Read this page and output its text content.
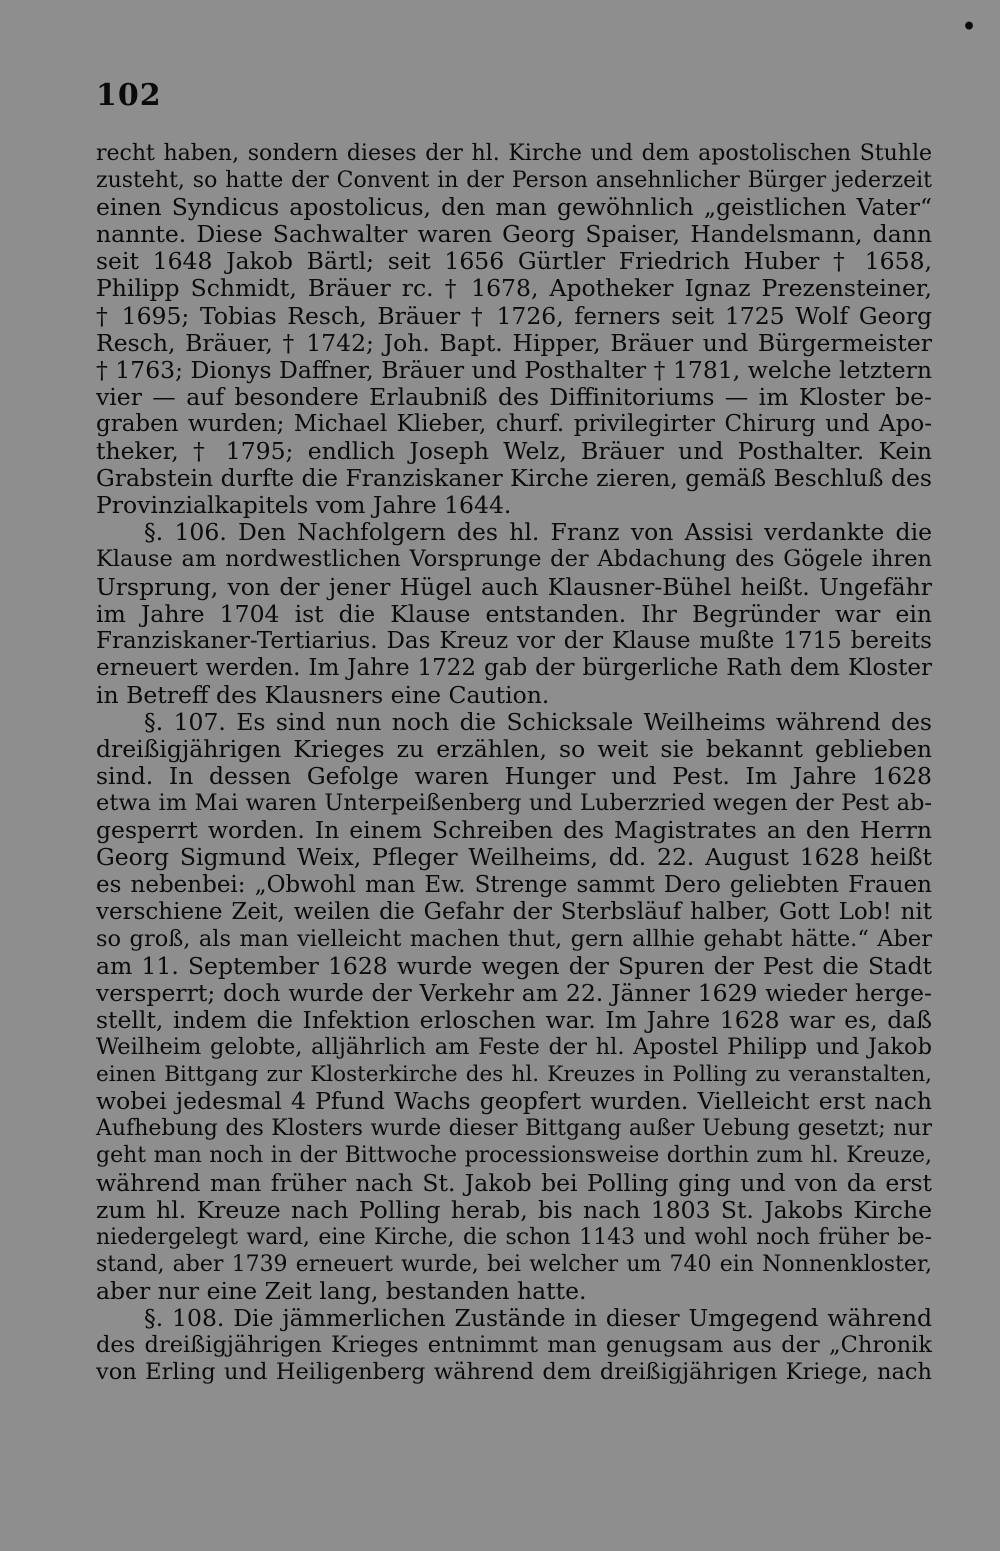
•
102
recht haben, sondern dieses der hl. Kirche und dem apostolischen Stuhle
zusteht, so hatte der Convent in der Person ansehnlicher Bürger jederzeit
einen Syndicus apostolicus, den man gewöhnlich „geistlichen Vater“
nannte. Diese Sachwalter waren Georg Spaiser, Handelsmann, dann
seit 1648 Jakob Bärtl; seit 1656 Gürtler Friedrich Huber † 1658,
Philipp Schmidt, Bräuer rc. † 1678, Apotheker Ignaz Prezensteiner,
† 1695; Tobias Resch, Bräuer † 1726, ferners seit 1725 Wolf Georg
Resch, Bräuer, † 1742; Joh. Bapt. Hipper, Bräuer und Bürgermeister
† 1763; Dionys Daffner, Bräuer und Posthalter † 1781, welche letztern
vier — auf besondere Erlaubniß des Diffinitoriums — im Kloster be-
graben wurden; Michael Klieber, churf. privilegirter Chirurg und Apo-
theker, † 1795; endlich Joseph Welz, Bräuer und Posthalter. Kein
Grabstein durfte die Franziskaner Kirche zieren, gemäß Beschluß des
Provinzialkapitels vom Jahre 1644.
§. 106. Den Nachfolgern des hl. Franz von Assisi verdankte die
Klause am nordwestlichen Vorsprunge der Abdachung des Gögele ihren
Ursprung, von der jener Hügel auch Klausner-Bühel heißt. Ungefähr
im Jahre 1704 ist die Klause entstanden. Ihr Begründer war ein
Franziskaner-Tertiarius. Das Kreuz vor der Klause mußte 1715 bereits
erneuert werden. Im Jahre 1722 gab der bürgerliche Rath dem Kloster
in Betreff des Klausners eine Caution.
§. 107. Es sind nun noch die Schicksale Weilheims während des
dreißigjährigen Krieges zu erzählen, so weit sie bekannt geblieben
sind. In dessen Gefolge waren Hunger und Pest. Im Jahre 1628
etwa im Mai waren Unterpeißenberg und Luberzried wegen der Pest ab-
gesperrt worden. In einem Schreiben des Magistrates an den Herrn
Georg Sigmund Weix, Pfleger Weilheims, dd. 22. August 1628 heißt
es nebenbei: „Obwohl man Ew. Strenge sammt Dero geliebten Frauen
verschiene Zeit, weilen die Gefahr der Sterbsläuf halber, Gott Lob! nit
so groß, als man vielleicht machen thut, gern allhie gehabt hätte.“ Aber
am 11. September 1628 wurde wegen der Spuren der Pest die Stadt
versperrt; doch wurde der Verkehr am 22. Jänner 1629 wieder herge-
stellt, indem die Infektion erloschen war. Im Jahre 1628 war es, daß
Weilheim gelobte, alljährlich am Feste der hl. Apostel Philipp und Jakob
einen Bittgang zur Klosterkirche des hl. Kreuzes in Polling zu veranstalten,
wobei jedesmal 4 Pfund Wachs geopfert wurden. Vielleicht erst nach
Aufhebung des Klosters wurde dieser Bittgang außer Uebung gesetzt; nur
geht man noch in der Bittwoche processionsweise dorthin zum hl. Kreuze,
während man früher nach St. Jakob bei Polling ging und von da erst
zum hl. Kreuze nach Polling herab, bis nach 1803 St. Jakobs Kirche
niedergelegt ward, eine Kirche, die schon 1143 und wohl noch früher be-
stand, aber 1739 erneuert wurde, bei welcher um 740 ein Nonnenkloster,
aber nur eine Zeit lang, bestanden hatte.
§. 108. Die jämmerlichen Zustände in dieser Umgegend während
des dreißigjährigen Krieges entnimmt man genugsam aus der „Chronik
von Erling und Heiligenberg während dem dreißigjährigen Kriege, nach
